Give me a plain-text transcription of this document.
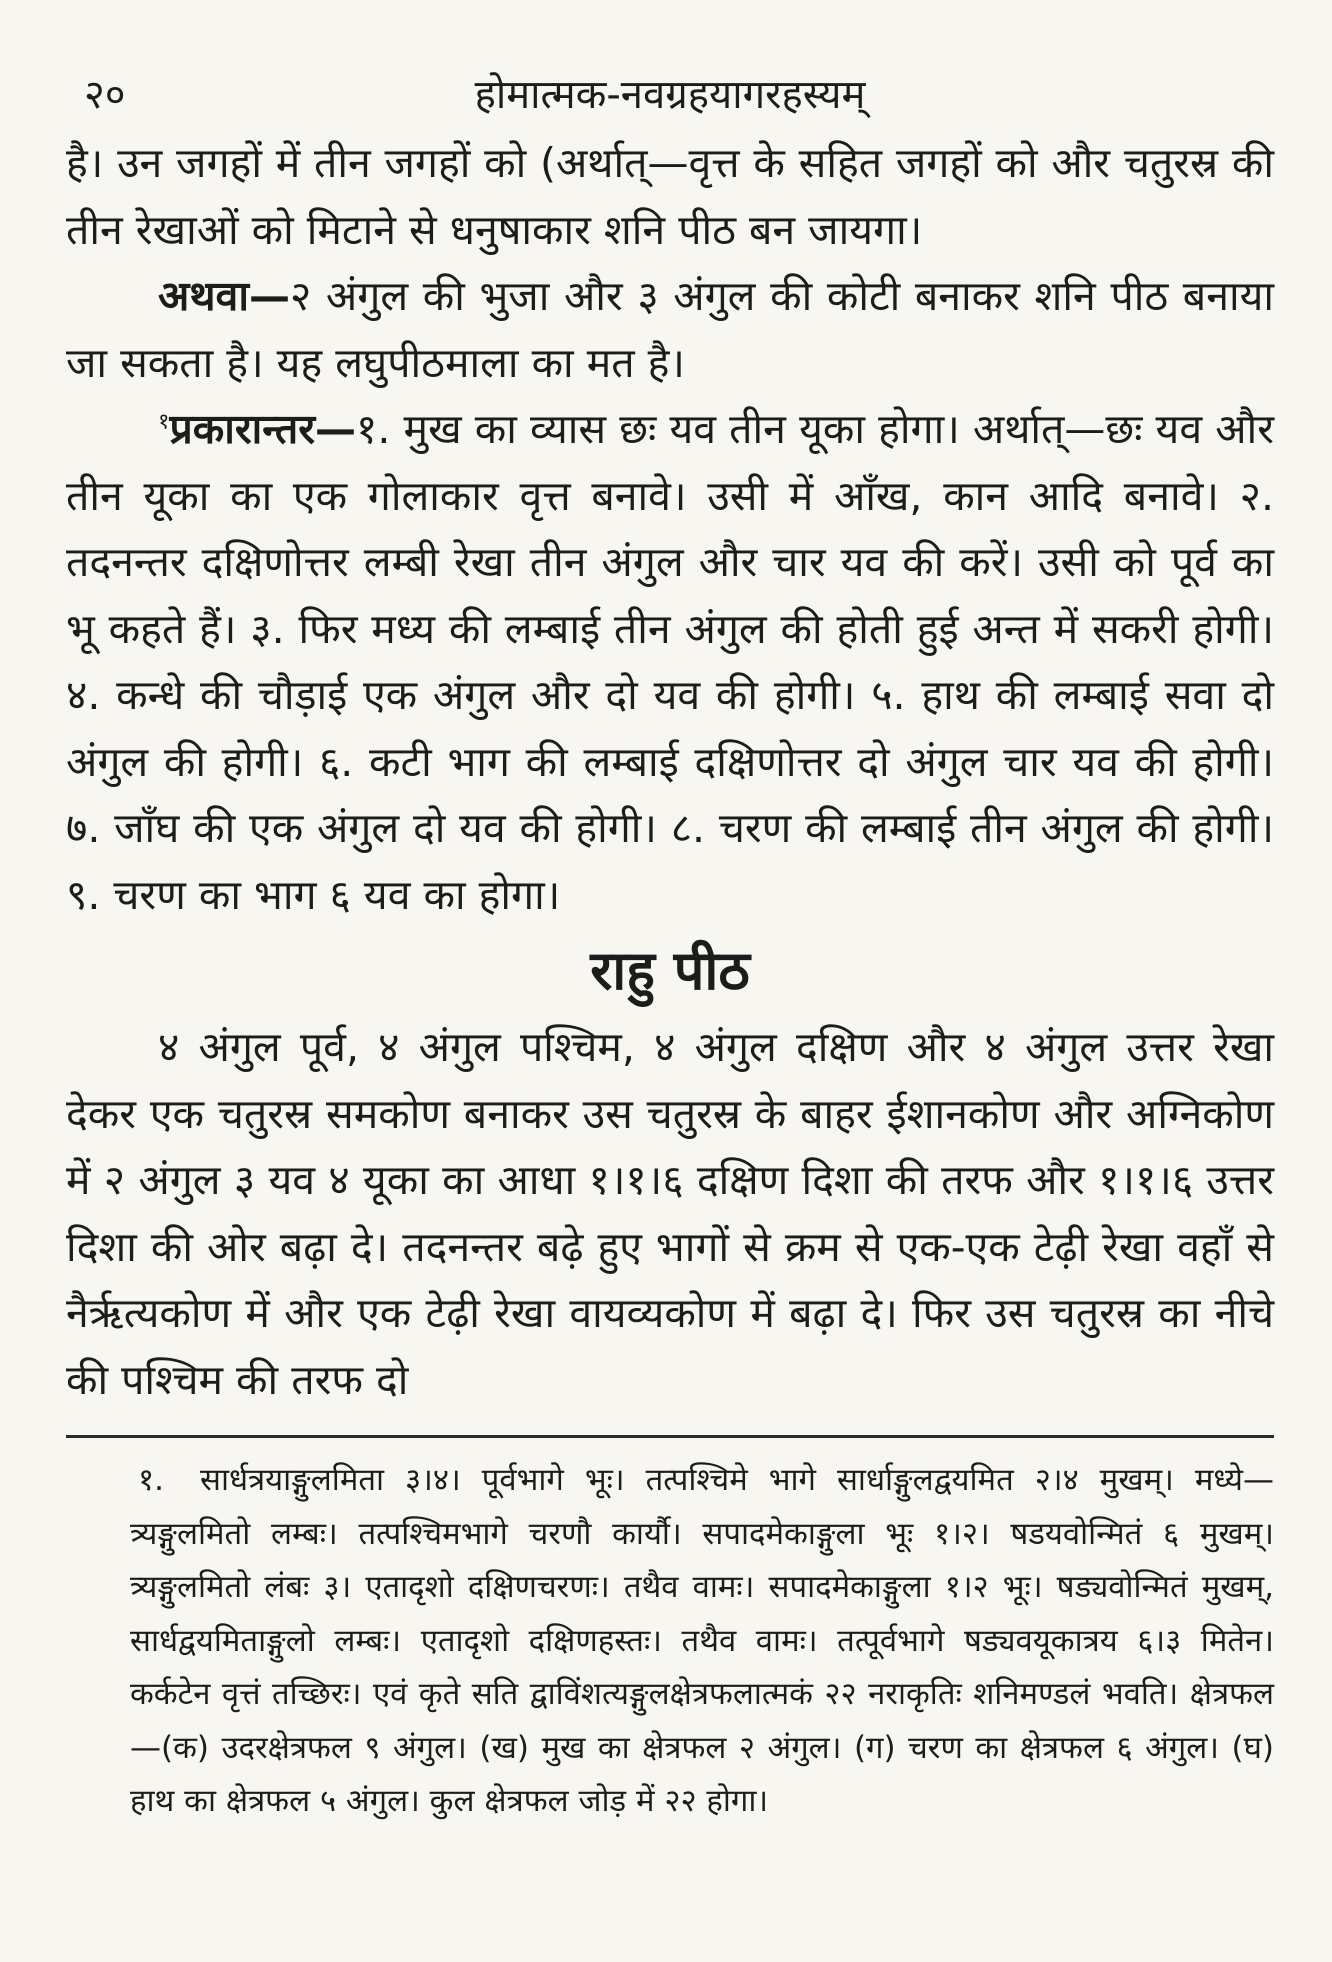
२०	होमात्मक-नवग्रहयागरहस्यम्

है। उन जगहों में तीन जगहों को (अर्थात्—वृत्त के सहित जगहों को और चतुरस्र की तीन रेखाओं को मिटाने से धनुषाकार शनि पीठ बन जायगा।

अथवा—२ अंगुल की भुजा और ३ अंगुल की कोटी बनाकर शनि पीठ बनाया जा सकता है। यह लघुपीठमाला का मत है।

$^१$प्रकारान्तर—१. मुख का व्यास छः यव तीन यूका होगा। अर्थात्—छः यव और तीन यूका का एक गोलाकार वृत्त बनावे। उसी में आँख, कान आदि बनावे। २. तदनन्तर दक्षिणोत्तर लम्बी रेखा तीन अंगुल और चार यव की करें। उसी को पूर्व का भू कहते हैं। ३. फिर मध्य की लम्बाई तीन अंगुल की होती हुई अन्त में सकरी होगी। ४. कन्धे की चौड़ाई एक अंगुल और दो यव की होगी। ५. हाथ की लम्बाई सवा दो अंगुल की होगी। ६. कटी भाग की लम्बाई दक्षिणोत्तर दो अंगुल चार यव की होगी। ७. जाँघ की एक अंगुल दो यव की होगी। ८. चरण की लम्बाई तीन अंगुल की होगी। ९. चरण का भाग ६ यव का होगा।

राहु पीठ

४ अंगुल पूर्व, ४ अंगुल पश्चिम, ४ अंगुल दक्षिण और ४ अंगुल उत्तर रेखा देकर एक चतुरस्र समकोण बनाकर उस चतुरस्र के बाहर ईशानकोण और अग्निकोण में २ अंगुल ३ यव ४ यूका का आधा १।१।६ दक्षिण दिशा की तरफ और १।१।६ उत्तर दिशा की ओर बढ़ा दे। तदनन्तर बढ़े हुए भागों से क्रम से एक-एक टेढ़ी रेखा वहाँ से नैर्ऋत्यकोण में और एक टेढ़ी रेखा वायव्यकोण में बढ़ा दे। फिर उस चतुरस्र का नीचे की पश्चिम की तरफ दो

१.	सार्धत्रयाङ्गुलमिता ३।४। पूर्वभागे भूः। तत्पश्चिमे भागे सार्धाङ्गुलद्वयमित २।४ मुखम्। मध्ये—त्र्यङ्गुलमितो लम्बः। तत्पश्चिमभागे चरणौ कार्यौ। सपादमेकाङ्गुला भूः १।२। षडयवोन्मितं ६ मुखम्। त्र्यङ्गुलमितो लंबः ३। एतादृशो दक्षिणचरणः। तथैव वामः। सपादमेकाङ्गुला १।२ भूः। षड्यवोन्मितं मुखम्, सार्धद्वयमिताङ्गुलो लम्बः। एतादृशो दक्षिणहस्तः। तथैव वामः। तत्पूर्वभागे षड्यवयूकात्रय ६।३ मितेन। कर्कटेन वृत्तं तच्छिरः। एवं कृते सति द्वाविंशत्यङ्गुलक्षेत्रफलात्मकं २२ नराकृतिः शनिमण्डलं भवति। क्षेत्रफल—(क) उदरक्षेत्रफल ९ अंगुल। (ख) मुख का क्षेत्रफल २ अंगुल। (ग) चरण का क्षेत्रफल ६ अंगुल। (घ) हाथ का क्षेत्रफल ५ अंगुल। कुल क्षेत्रफल जोड़ में २२ होगा।
